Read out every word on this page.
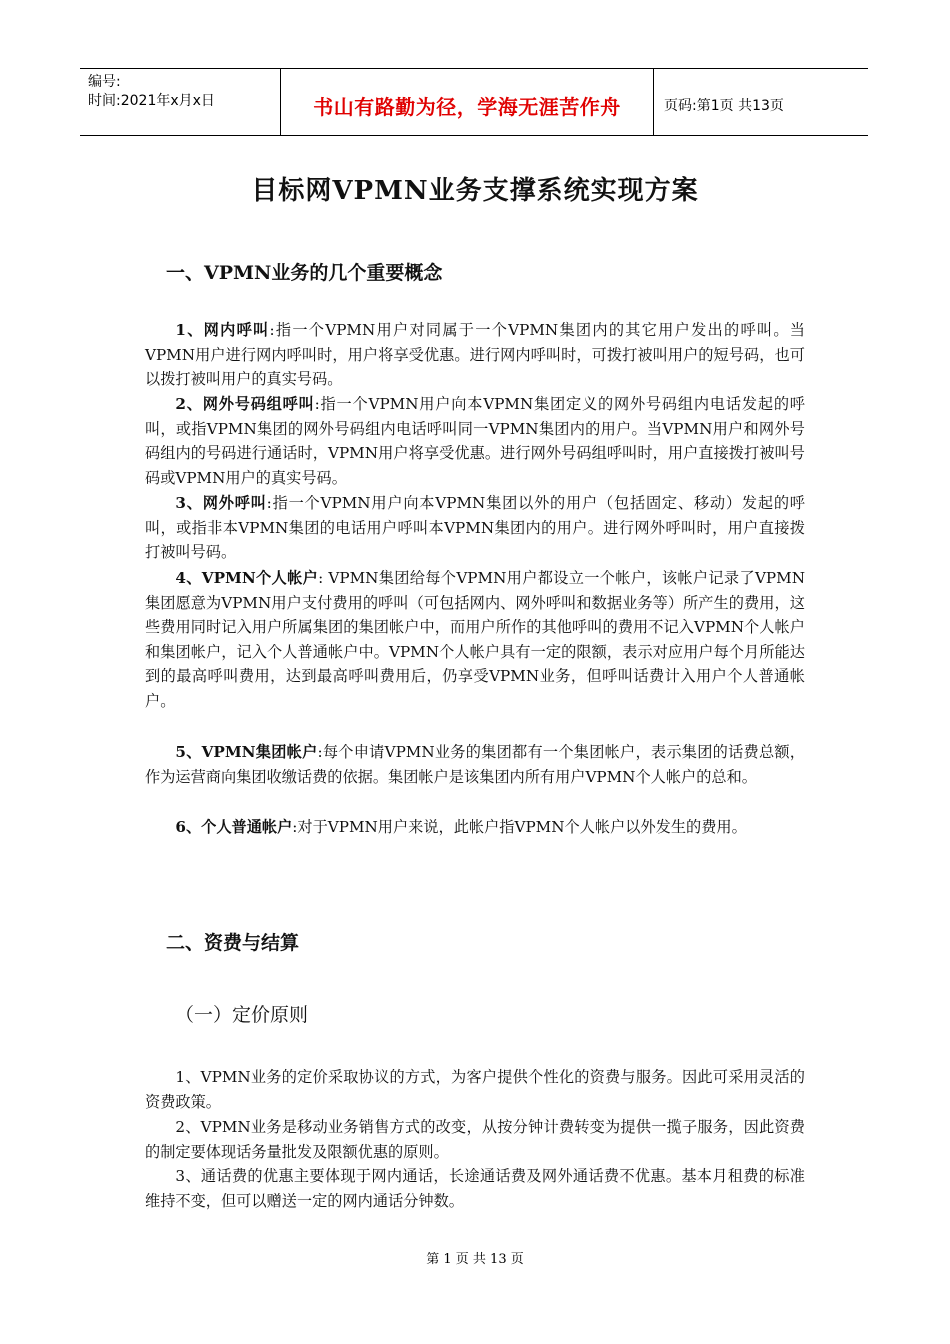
编号:
时间:2021年x月x日	书山有路勤为径，学海无涯苦作舟	页码:第1页 共13页
目标网VPMN业务支撑系统实现方案
一、VPMN业务的几个重要概念
1、网内呼叫:指一个VPMN用户对同属于一个VPMN集团内的其它用户发出的呼叫。当VPMN用户进行网内呼叫时，用户将享受优惠。进行网内呼叫时，可拨打被叫用户的短号码，也可以拨打被叫用户的真实号码。
2、网外号码组呼叫:指一个VPMN用户向本VPMN集团定义的网外号码组内电话发起的呼叫，或指VPMN集团的网外号码组内电话呼叫同一VPMN集团内的用户。当VPMN用户和网外号码组内的号码进行通话时，VPMN用户将享受优惠。进行网外号码组呼叫时，用户直接拨打被叫号码或VPMN用户的真实号码。
3、网外呼叫:指一个VPMN用户向本VPMN集团以外的用户（包括固定、移动）发起的呼叫，或指非本VPMN集团的电话用户呼叫本VPMN集团内的用户。进行网外呼叫时，用户直接拨打被叫号码。
4、VPMN个人帐户: VPMN集团给每个VPMN用户都设立一个帐户，该帐户记录了VPMN集团愿意为VPMN用户支付费用的呼叫（可包括网内、网外呼叫和数据业务等）所产生的费用，这些费用同时记入用户所属集团的集团帐户中，而用户所作的其他呼叫的费用不记入VPMN个人帐户和集团帐户，记入个人普通帐户中。VPMN个人帐户具有一定的限额，表示对应用户每个月所能达到的最高呼叫费用，达到最高呼叫费用后，仍享受VPMN业务，但呼叫话费计入用户个人普通帐户。
5、VPMN集团帐户:每个申请VPMN业务的集团都有一个集团帐户，表示集团的话费总额，作为运营商向集团收缴话费的依据。集团帐户是该集团内所有用户VPMN个人帐户的总和。
6、个人普通帐户:对于VPMN用户来说，此帐户指VPMN个人帐户以外发生的费用。
二、资费与结算
（一）定价原则
1、VPMN业务的定价采取协议的方式，为客户提供个性化的资费与服务。因此可采用灵活的资费政策。
2、VPMN业务是移动业务销售方式的改变，从按分钟计费转变为提供一揽子服务，因此资费的制定要体现话务量批发及限额优惠的原则。
3、通话费的优惠主要体现于网内通话，长途通话费及网外通话费不优惠。基本月租费的标准维持不变，但可以赠送一定的网内通话分钟数。
第 1 页 共 13 页
